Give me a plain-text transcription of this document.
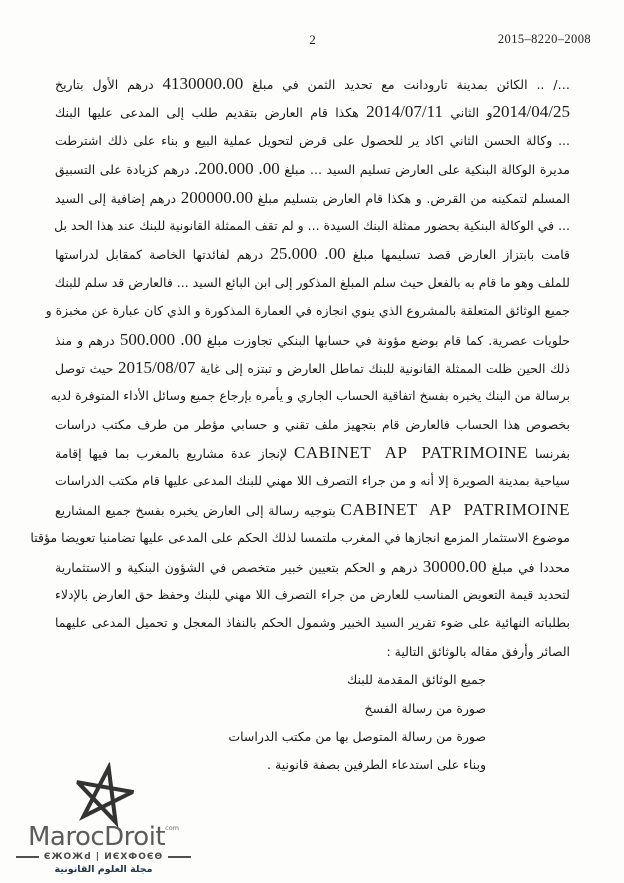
2	2015–8220–2008
…/ .. الكائن بمدينة تارودانت مع تحديد الثمن في مبلغ 4130000.00 درهم الأول بتاريخ
2014/04/25و الثاني 2014/07/11 هكذا قام العارض بتقديم طلب إلى المدعى عليها البنك
... وكالة الحسن الثاني اكاد ير للحصول على قرض لتحويل عملية البيع و بناء على ذلك اشترطت
مديرة الوكالة البنكية على العارض تسليم السيد ... مبلغ 00. 200.000. درهم كزيادة على التسبيق
المسلم لتمكينه من القرض. و هكذا قام العارض بتسليم مبلغ 200000.00 درهم إضافية إلى السيد
... في الوكالة البنكية بحضور ممثلة البنك السيدة ... و لم تقف الممثلة القانونية للبنك عند هذا الحد بل
قامت بابتزاز العارض قصد تسليمها مبلغ 00. 25.000 درهم لفائدتها الخاصة كمقابل لدراستها
للملف وهو ما قام به بالفعل حيث سلم المبلغ المذكور إلى ابن البائع السيد ... فالعارض قد سلم للبنك
جميع الوثائق المتعلقة بالمشروع الذي ينوي انجازه في العمارة المذكورة و الذي كان عبارة عن مخبزة و
حلويات عصرية. كما قام بوضع مؤونة في حسابها البنكي تجاوزت مبلغ 00. 500.000 درهم و منذ
ذلك الحين ظلت الممثلة القانونية للبنك تماطل العارض و تبتزه إلى غاية 2015/08/07 حيث توصل
برسالة من البنك يخبره بفسخ اتفاقية الحساب الجاري و يأمره بإرجاع جميع وسائل الأداء المتوفرة لديه
بخصوص هذا الحساب فالعارض قام بتجهيز ملف تقني و حسابي مؤطر من طرف مكتب دراسات
بفرنسا CABINET AP PATRIMOINE لإنجاز عدة مشاريع بالمغرب بما فيها إقامة
سياحية بمدينة الصويرة إلا أنه و من جراء التصرف اللا مهني للبنك المدعى عليها قام مكتب الدراسات
CABINET AP PATRIMOINE بتوجيه رسالة إلى العارض يخبره بفسخ جميع المشاريع
موضوع الاستثمار المزمع انجازها في المغرب ملتمسا لذلك الحكم على المدعى عليها تضامنيا تعويضا مؤقتا
محددا في مبلغ 30000.00 درهم و الحكم بتعيين خبير متخصص في الشؤون البنكية و الاستثمارية
لتحديد قيمة التعويض المناسب للعارض من جراء التصرف اللا مهني للبنك وحفظ حق العارض بالإدلاء
بطلباته النهائية على ضوء تقرير السيد الخبير وشمول الحكم بالنفاذ المعجل و تحميل المدعى عليهما
الصائر وأرفق مقاله بالوثائق التالية :
جميع الوثائق المقدمة للبنك
صورة من رسالة الفسخ
صورة من رسالة المتوصل بها من مكتب الدراسات
وبناء على استدعاء الطرفين بصفة قانونية .
MarocDroit$^{com}$
ЄЖOЖd | ИЄХФOЄΘ
مجلة العلوم القانونية
